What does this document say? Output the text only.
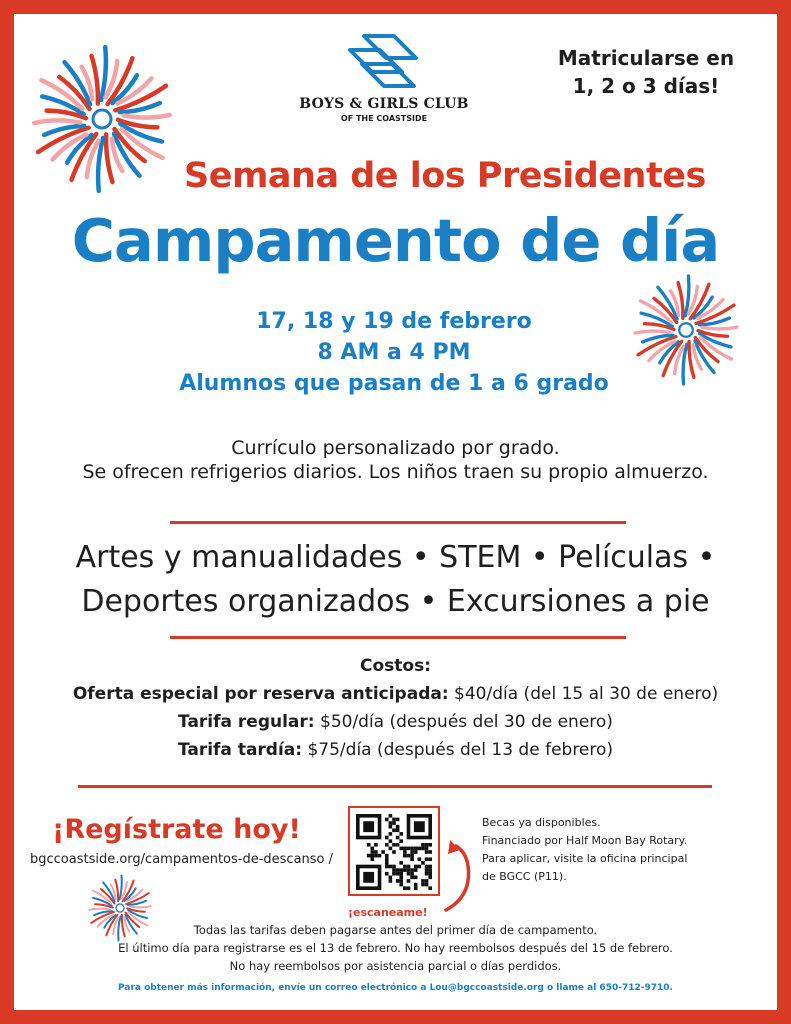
BOYS & GIRLS CLUB
OF THE COASTSIDE
Matricularse en
1, 2 o 3 días!
Semana de los Presidentes
Campamento de día
17, 18 y 19 de febrero
8 AM a 4 PM
Alumnos que pasan de 1 a 6 grado
Currículo personalizado por grado.
Se ofrecen refrigerios diarios. Los niños traen su propio almuerzo.
Artes y manualidades • STEM • Películas •
Deportes organizados • Excursiones a pie
Costos:
Oferta especial por reserva anticipada: $40/día (del 15 al 30 de enero)
Tarifa regular: $50/día (después del 30 de enero)
Tarifa tardía: $75/día (después del 13 de febrero)
¡Regístrate hoy!
bgccoastside.org/campamentos-de-descanso /
¡escaneame!
Becas ya disponibles.
Financiado por Half Moon Bay Rotary.
Para aplicar, visite la oficina principal
de BGCC (P11).
Todas las tarifas deben pagarse antes del primer día de campamento.
El último día para registrarse es el 13 de febrero. No hay reembolsos después del 15 de febrero.
No hay reembolsos por asistencia parcial o días perdidos.
Para obtener más información, envíe un correo electrónico a Lou@bgccoastside.org o llame al 650-712-9710.
